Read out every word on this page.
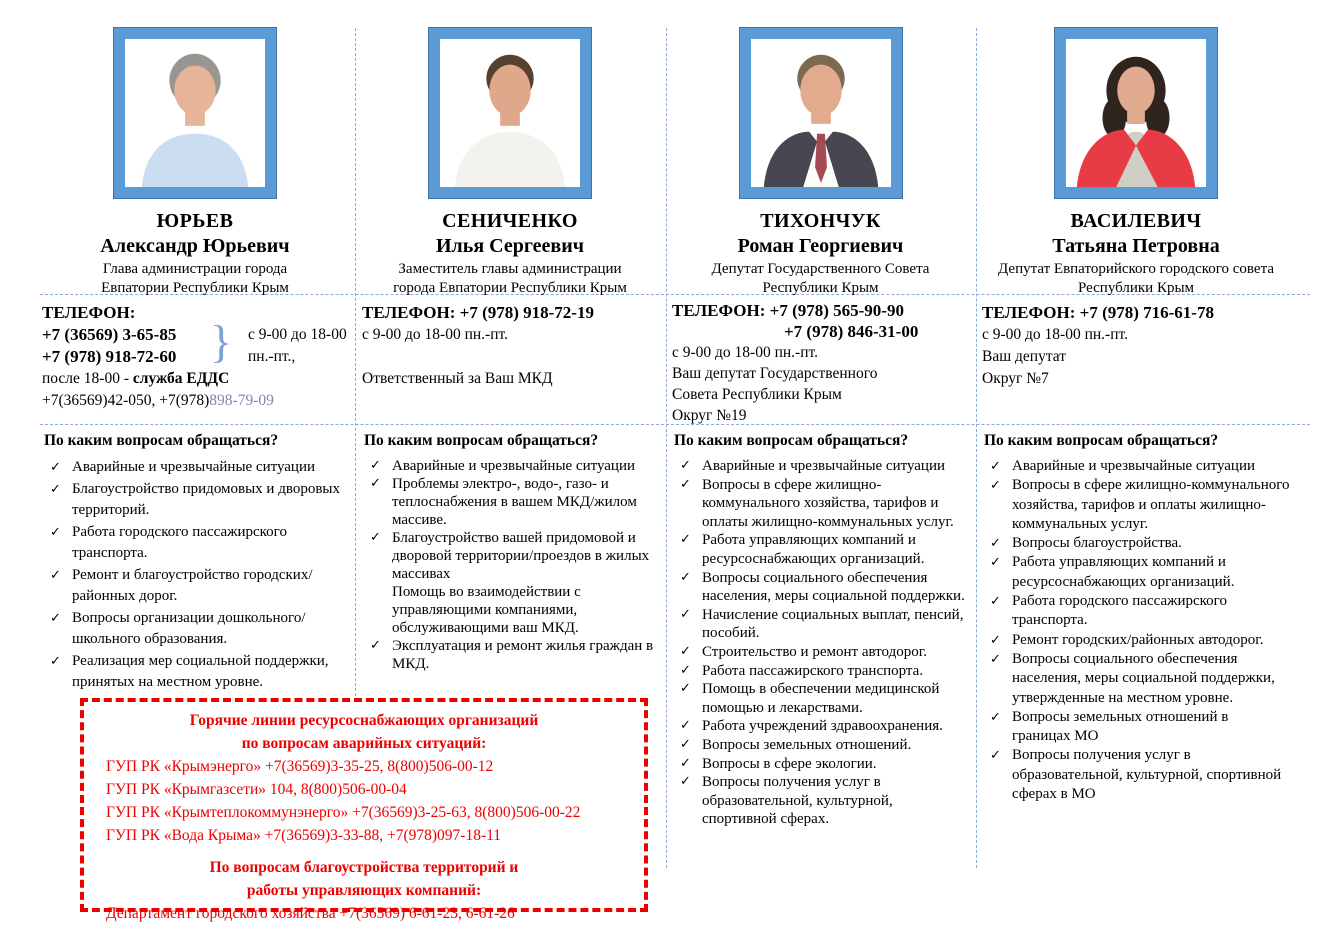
ЮРЬЕВ
Александр Юрьевич
Глава администрации города Евпатории Республики Крым
ТЕЛЕФОН:
+7 (36569) 3-65-85	с 9-00 до 18-00
+7 (978) 918-72-60	пн.-пт.,
}
после 18-00 - служба ЕДДС
+7(36569)42-050, +7(978)898-79-09
По каким вопросам обращаться?
✓ Аварийные и чрезвычайные ситуации
✓ Благоустройство придомовых и дворовых территорий.
✓ Работа городского пассажирского транспорта.
✓ Ремонт и благоустройство городских/районных дорог.
✓ Вопросы организации дошкольного/школьного образования.
✓ Реализация мер социальной поддержки, принятых на местном уровне.
СЕНИЧЕНКО
Илья Сергеевич
Заместитель главы администрации города Евпатории Республики Крым
ТЕЛЕФОН: +7 (978) 918-72-19
с 9-00 до 18-00 пн.-пт.
Ответственный за Ваш МКД
По каким вопросам обращаться?
✓ Аварийные и чрезвычайные ситуации
✓ Проблемы электро-, водо-, газо- и теплоснабжения в вашем МКД/жилом массиве.
✓ Благоустройство вашей придомовой и дворовой территории/проездов в жилых массивах
Помощь во взаимодействии с управляющими компаниями, обслуживающими ваш МКД.
✓ Эксплуатация и ремонт жилья граждан в МКД.
ТИХОНЧУК
Роман Георгиевич
Депутат Государственного Совета Республики Крым
ТЕЛЕФОН: +7 (978) 565-90-90
+7 (978) 846-31-00
с 9-00 до 18-00 пн.-пт.
Ваш депутат Государственного Совета Республики Крым
Округ №19
По каким вопросам обращаться?
✓ Аварийные и чрезвычайные ситуации
✓ Вопросы в сфере жилищно-коммунального хозяйства, тарифов и оплаты жилищно-коммунальных услуг.
✓ Работа управляющих компаний и ресурсоснабжающих организаций.
✓ Вопросы социального обеспечения населения, меры социальной поддержки.
✓ Начисление социальных выплат, пенсий, пособий.
✓ Строительство и ремонт автодорог.
✓ Работа пассажирского транспорта.
✓ Помощь в обеспечении медицинской помощью и лекарствами.
✓ Работа учреждений здравоохранения.
✓ Вопросы земельных отношений.
✓ Вопросы в сфере экологии.
✓ Вопросы получения услуг в образовательной, культурной, спортивной сферах.
ВАСИЛЕВИЧ
Татьяна Петровна
Депутат Евпаторийского городского совета Республики Крым
ТЕЛЕФОН: +7 (978) 716-61-78
с 9-00 до 18-00 пн.-пт.
Ваш депутат
Округ №7
По каким вопросам обращаться?
✓ Аварийные и чрезвычайные ситуации
✓ Вопросы в сфере жилищно-коммунального хозяйства, тарифов и оплаты жилищно-коммунальных услуг.
✓ Вопросы благоустройства.
✓ Работа управляющих компаний и ресурсоснабжающих организаций.
✓ Работа городского пассажирского транспорта.
✓ Ремонт городских/районных автодорог.
✓ Вопросы социального обеспечения населения, меры социальной поддержки, утвержденные на местном уровне.
✓ Вопросы земельных отношений в границах МО
✓ Вопросы получения услуг в образовательной, культурной, спортивной сферах в МО
Горячие линии ресурсоснабжающих организаций
по вопросам аварийных ситуаций:
ГУП РК «Крымэнерго» +7(36569)3-35-25, 8(800)506-00-12
ГУП РК «Крымгазсети» 104, 8(800)506-00-04
ГУП РК «Крымтеплокоммунэнерго» +7(36569)3-25-63, 8(800)506-00-22
ГУП РК «Вода Крыма» +7(36569)3-33-88, +7(978)097-18-11
По вопросам благоустройства территорий и
работы управляющих компаний:
Департамент городского хозяйства +7(36569) 6-61-23, 6-61-26
